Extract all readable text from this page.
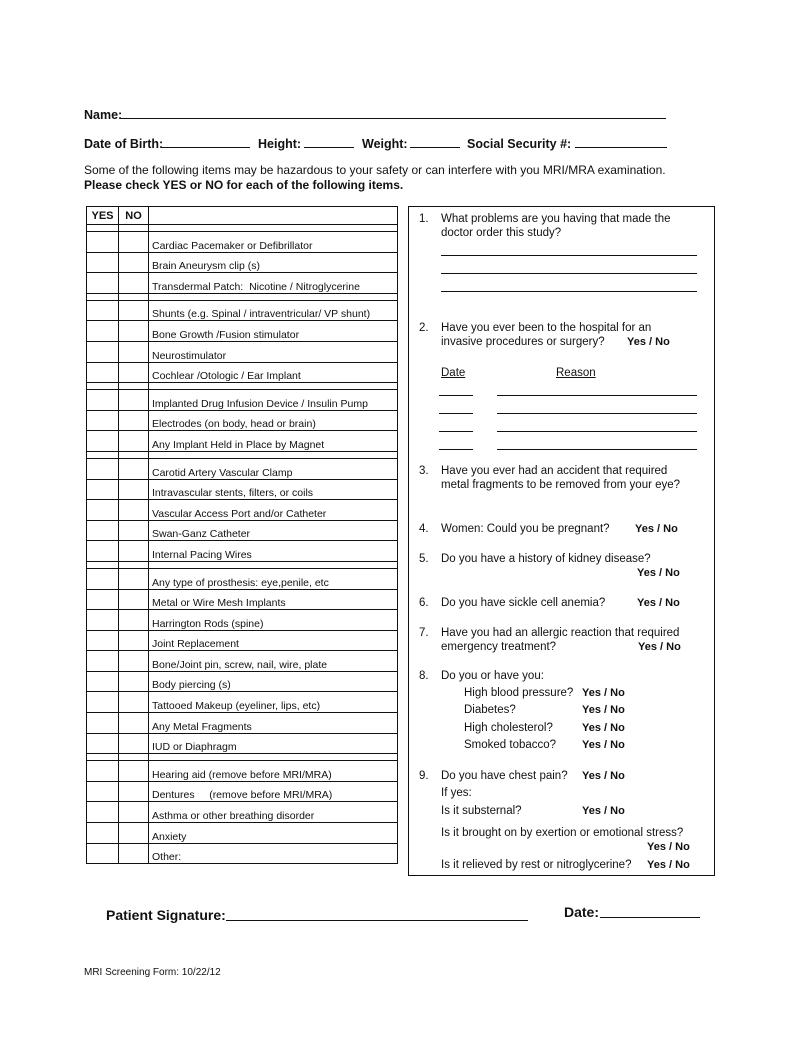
Name:
Date of Birth:	Height:	Weight:	Social Security #:
Some of the following items may be hazardous to your safety or can interfere with you MRI/MRA examination.
Please check YES or NO for each of the following items.
YES	NO	

		Cardiac Pacemaker or Defibrillator
		Brain Aneurysm clip (s)
		Transdermal Patch:  Nicotine / Nitroglycerine

		Shunts (e.g. Spinal / intraventricular/ VP shunt)
		Bone Growth /Fusion stimulator
		Neurostimulator
		Cochlear /Otologic / Ear Implant

		Implanted Drug Infusion Device / Insulin Pump
		Electrodes (on body, head or brain)
		Any Implant Held in Place by Magnet

		Carotid Artery Vascular Clamp
		Intravascular stents, filters, or coils
		Vascular Access Port and/or Catheter
		Swan-Ganz Catheter
		Internal Pacing Wires

		Any type of prosthesis: eye,penile, etc
		Metal or Wire Mesh Implants
		Harrington Rods (spine)
		Joint Replacement
		Bone/Joint pin, screw, nail, wire, plate
		Body piercing (s)
		Tattooed Makeup (eyeliner, lips, etc)
		Any Metal Fragments
		IUD or Diaphragm

		Hearing aid (remove before MRI/MRA)
		Dentures     (remove before MRI/MRA)
		Asthma or other breathing disorder
		Anxiety
		Other:
1. What problems are you having that made the
doctor order this study?
2. Have you ever been to the hospital for an
invasive procedures or surgery? Yes / No
Date	Reason
3. Have you ever had an accident that required
metal fragments to be removed from your eye?
4. Women: Could you be pregnant? Yes / No
5. Do you have a history of kidney disease?
Yes / No
6. Do you have sickle cell anemia?	Yes / No
7. Have you had an allergic reaction that required
emergency treatment?	Yes / No
8. Do you or have you:
High blood pressure? Yes / No
Diabetes?	Yes / No
High cholesterol?	Yes / No
Smoked tobacco? Yes / No
9. Do you have chest pain? Yes / No
If yes:
Is it substernal?	Yes / No
Is it brought on by exertion or emotional stress?
Yes / No
Is it relieved by rest or nitroglycerine? Yes / No
Patient Signature:	Date:
MRI Screening Form: 10/22/12
